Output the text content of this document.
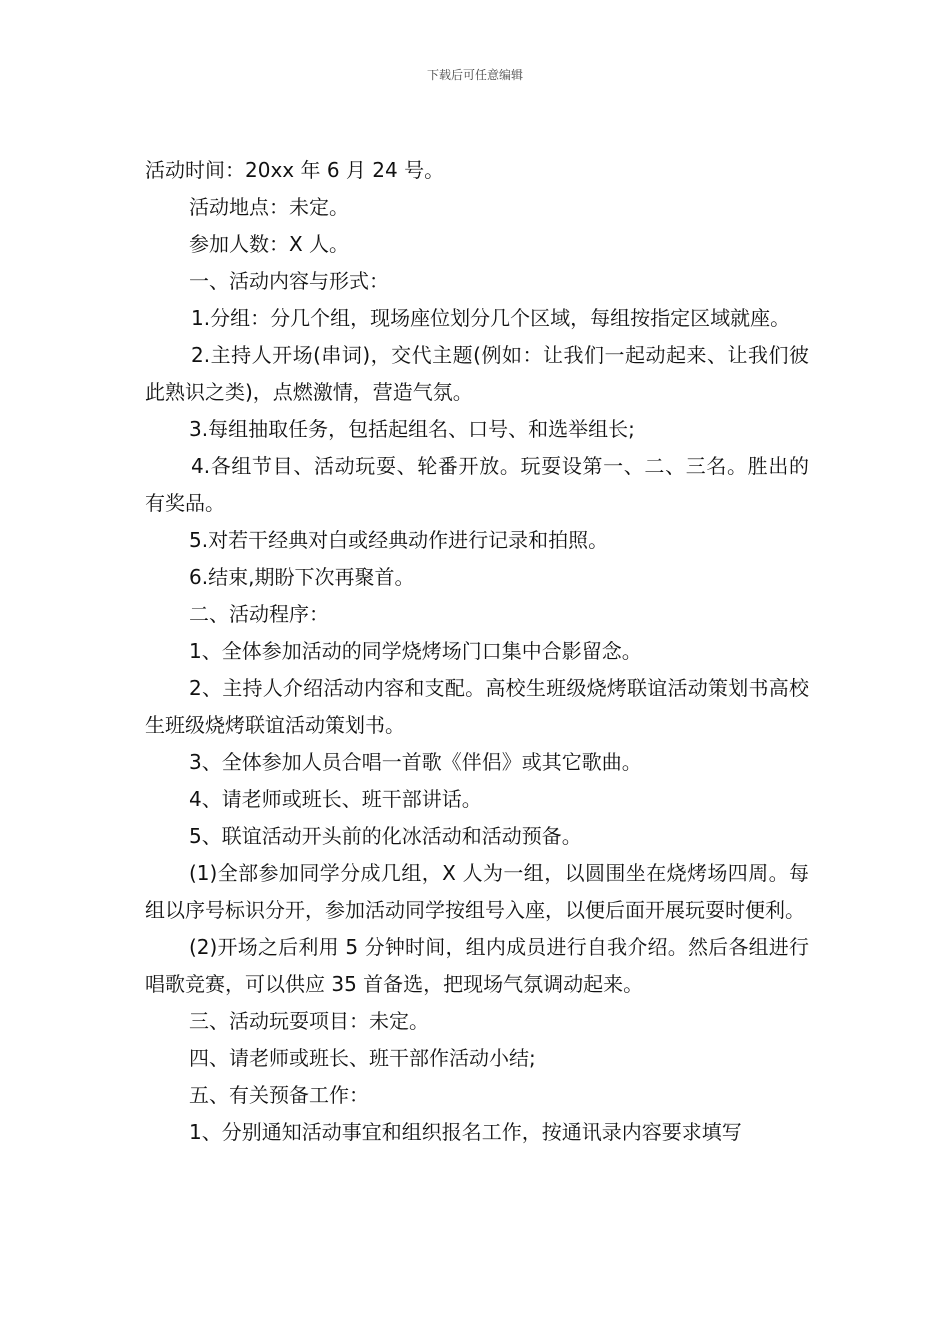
下载后可任意编辑

活动时间：20xx 年 6 月 24 号。

活动地点：未定。

参加人数：X 人。

一、活动内容与形式：

1.分组：分几个组，现场座位划分几个区域，每组按指定区域就座。

2.主持人开场(串词)，交代主题(例如：让我们一起动起来、让我们彼此熟识之类)，点燃激情，营造气氛。

3.每组抽取任务，包括起组名、口号、和选举组长;

4.各组节目、活动玩耍、轮番开放。玩耍设第一、二、三名。胜出的有奖品。

5.对若干经典对白或经典动作进行记录和拍照。

6.结束,期盼下次再聚首。

二、活动程序：

1、全体参加活动的同学烧烤场门口集中合影留念。

2、主持人介绍活动内容和支配。高校生班级烧烤联谊活动策划书高校生班级烧烤联谊活动策划书。

3、全体参加人员合唱一首歌《伴侣》或其它歌曲。

4、请老师或班长、班干部讲话。

5、联谊活动开头前的化冰活动和活动预备。

(1)全部参加同学分成几组，X 人为一组，以圆围坐在烧烤场四周。每组以序号标识分开，参加活动同学按组号入座，以便后面开展玩耍时便利。

(2)开场之后利用 5 分钟时间，组内成员进行自我介绍。然后各组进行唱歌竞赛，可以供应 35 首备选，把现场气氛调动起来。

三、活动玩耍项目：未定。

四、请老师或班长、班干部作活动小结;

五、有关预备工作：

1、分别通知活动事宜和组织报名工作，按通讯录内容要求填写
